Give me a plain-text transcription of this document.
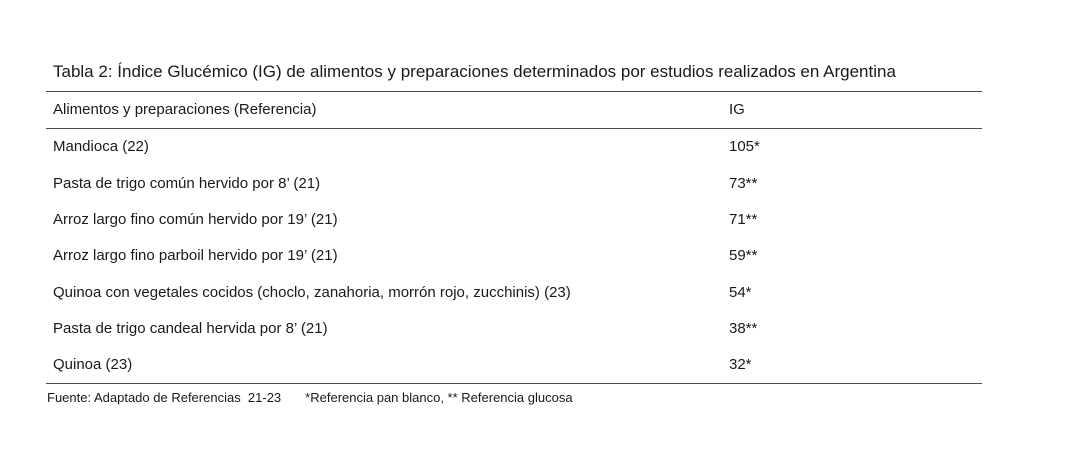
Tabla 2: Índice Glucémico (IG) de alimentos y preparaciones determinados por estudios realizados en Argentina
Alimentos y preparaciones (Referencia)	IG
Mandioca (22)	105*
Pasta de trigo común hervido por 8’ (21)	73**
Arroz largo fino común hervido por 19’ (21)	71**
Arroz largo fino parboil hervido por 19’ (21)	59**
Quinoa con vegetales cocidos (choclo, zanahoria, morrón rojo, zucchinis) (23)	54*
Pasta de trigo candeal hervida por 8’ (21)	38**
Quinoa (23)	32*
Fuente: Adaptado de Referencias  21-23 *Referencia pan blanco, ** Referencia glucosa
